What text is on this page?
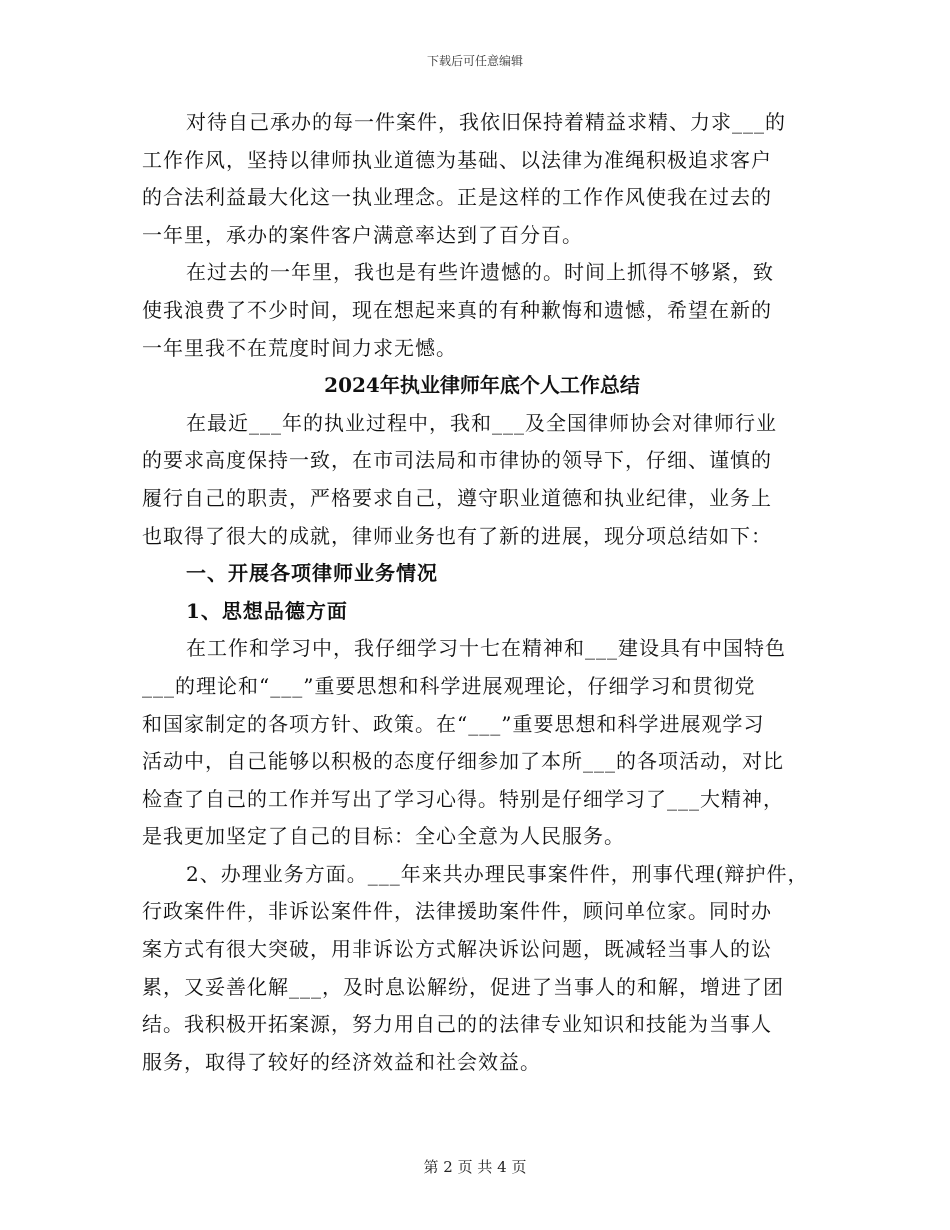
下载后可任意编辑
对待自己承办的每一件案件，我依旧保持着精益求精、力求___的
工作作风，坚持以律师执业道德为基础、以法律为准绳积极追求客户
的合法利益最大化这一执业理念。正是这样的工作作风使我在过去的
一年里，承办的案件客户满意率达到了百分百。
在过去的一年里，我也是有些许遗憾的。时间上抓得不够紧，致
使我浪费了不少时间，现在想起来真的有种歉悔和遗憾，希望在新的
一年里我不在荒度时间力求无憾。
2024年执业律师年底个人工作总结
在最近___年的执业过程中，我和___及全国律师协会对律师行业
的要求高度保持一致，在市司法局和市律协的领导下，仔细、谨慎的
履行自己的职责，严格要求自己，遵守职业道德和执业纪律，业务上
也取得了很大的成就，律师业务也有了新的进展，现分项总结如下：
一、开展各项律师业务情况
1、思想品德方面
在工作和学习中，我仔细学习十七在精神和___建设具有中国特色
___的理论和“___”重要思想和科学进展观理论，仔细学习和贯彻党
和国家制定的各项方针、政策。在“___”重要思想和科学进展观学习
活动中，自己能够以积极的态度仔细参加了本所___的各项活动，对比
检查了自己的工作并写出了学习心得。特别是仔细学习了___大精神，
是我更加坚定了自己的目标：全心全意为人民服务。
2、办理业务方面。___年来共办理民事案件件，刑事代理(辩护件，
行政案件件，非诉讼案件件，法律援助案件件，顾问单位家。同时办
案方式有很大突破，用非诉讼方式解决诉讼问题，既减轻当事人的讼
累，又妥善化解___，及时息讼解纷，促进了当事人的和解，增进了团
结。我积极开拓案源，努力用自己的的法律专业知识和技能为当事人
服务，取得了较好的经济效益和社会效益。
第 2 页 共 4 页
